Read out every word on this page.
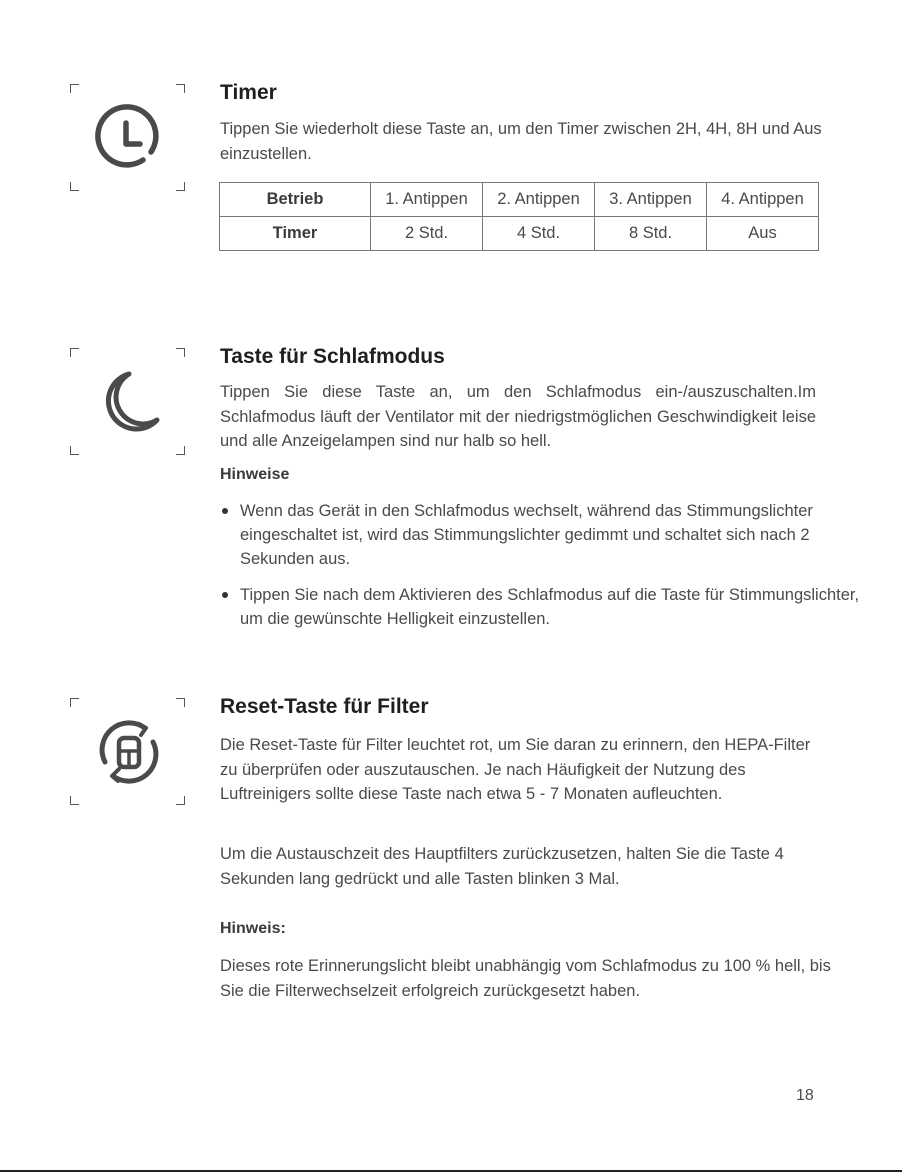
Timer

Tippen Sie wiederholt diese Taste an, um den Timer zwischen 2H, 4H, 8H und Aus einzustellen.

Betrieb	1. Antippen	2. Antippen	3. Antippen	4. Antippen
Timer	2 Std.	4 Std.	8 Std.	Aus
Taste für Schlafmodus

Tippen Sie diese Taste an, um den Schlafmodus ein-/auszuschalten.Im Schlafmodus läuft der Ventilator mit der niedrigstmöglichen Geschwindigkeit leise und alle Anzeigelampen sind nur halb so hell.

Hinweise
Wenn das Gerät in den Schlafmodus wechselt, während das Stimmungslichter eingeschaltet ist, wird das Stimmungslichter gedimmt und schaltet sich nach 2 Sekunden aus.
Tippen Sie nach dem Aktivieren des Schlafmodus auf die Taste für Stimmungslichter, um die gewünschte Helligkeit einzustellen.
Reset-Taste für Filter

Die Reset-Taste für Filter leuchtet rot, um Sie daran zu erinnern, den HEPA-Filter zu überprüfen oder auszutauschen. Je nach Häufigkeit der Nutzung des Luftreinigers sollte diese Taste nach etwa 5 - 7 Monaten aufleuchten.

Um die Austauschzeit des Hauptfilters zurückzusetzen, halten Sie die Taste 4 Sekunden lang gedrückt und alle Tasten blinken 3 Mal.

Hinweis:

Dieses rote Erinnerungslicht bleibt unabhängig vom Schlafmodus zu 100 % hell, bis Sie die Filterwechselzeit erfolgreich zurückgesetzt haben.

18
